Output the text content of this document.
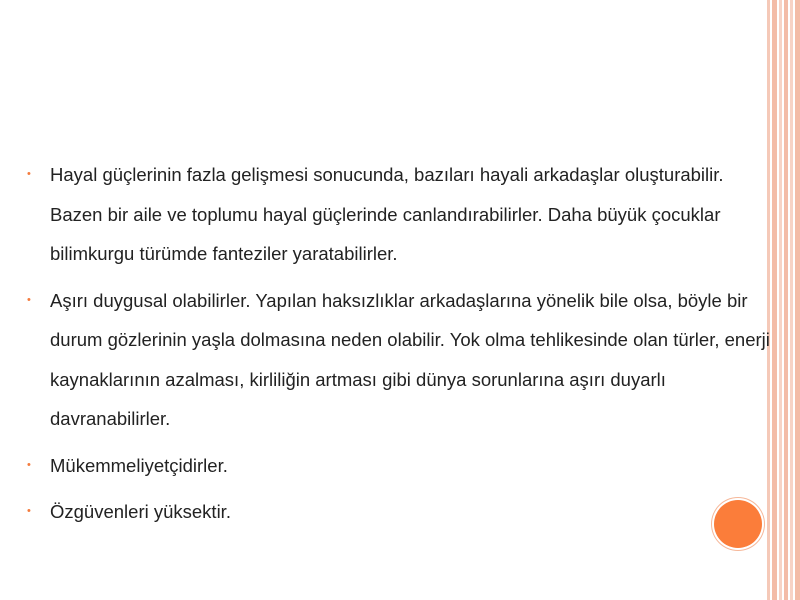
• Hayal güçlerinin fazla gelişmesi sonucunda, bazıları hayali arkadaşlar oluşturabilir. Bazen bir aile ve toplumu hayal güçlerinde canlandırabilirler. Daha büyük çocuklar bilimkurgu türümde fanteziler yaratabilirler.
• Aşırı duygusal olabilirler. Yapılan haksızlıklar arkadaşlarına yönelik bile olsa, böyle bir durum gözlerinin yaşla dolmasına neden olabilir. Yok olma tehlikesinde olan türler, enerji kaynaklarının azalması, kirliliğin artması gibi dünya sorunlarına aşırı duyarlı davranabilirler.
• Mükemmeliyetçidirler.
• Özgüvenleri yüksektir.
